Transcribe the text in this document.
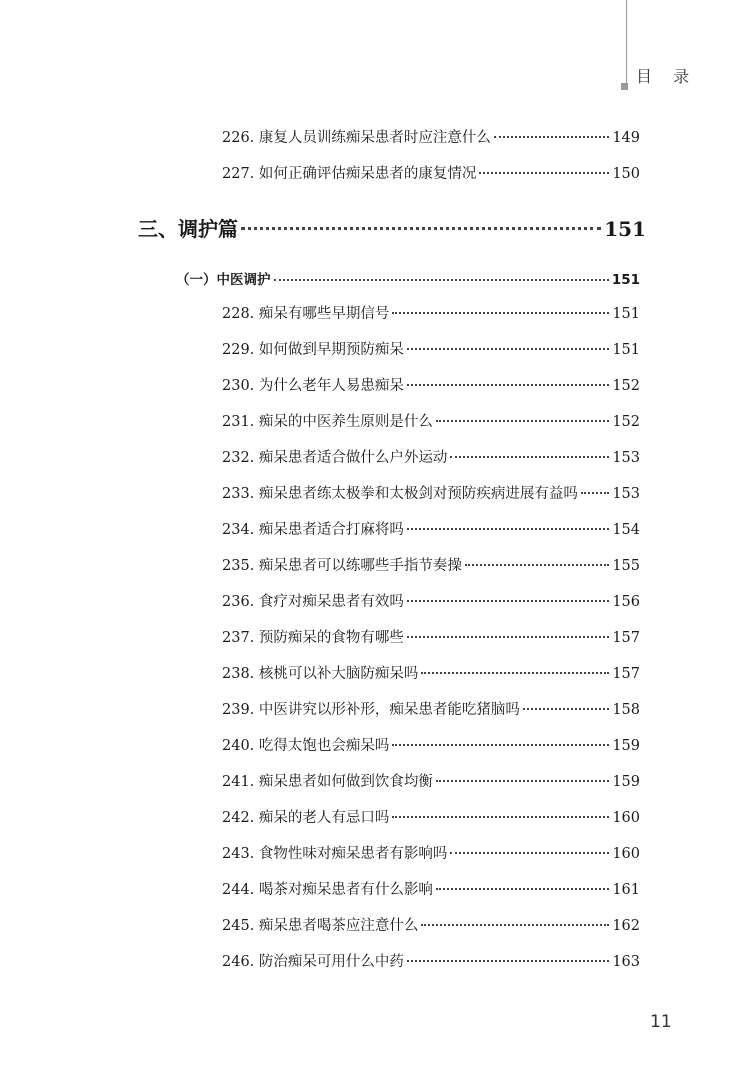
目 录
226. 康复人员训练痴呆患者时应注意什么	149
227. 如何正确评估痴呆患者的康复情况	150
三、调护篇	151
（一）中医调护	151
228. 痴呆有哪些早期信号	151
229. 如何做到早期预防痴呆	151
230. 为什么老年人易患痴呆	152
231. 痴呆的中医养生原则是什么	152
232. 痴呆患者适合做什么户外运动	153
233. 痴呆患者练太极拳和太极剑对预防疾病进展有益吗 153
234. 痴呆患者适合打麻将吗	154
235. 痴呆患者可以练哪些手指节奏操	155
236. 食疗对痴呆患者有效吗	156
237. 预防痴呆的食物有哪些	157
238. 核桃可以补大脑防痴呆吗	157
239. 中医讲究以形补形，痴呆患者能吃猪脑吗	158
240. 吃得太饱也会痴呆吗	159
241. 痴呆患者如何做到饮食均衡	159
242. 痴呆的老人有忌口吗	160
243. 食物性味对痴呆患者有影响吗	160
244. 喝茶对痴呆患者有什么影响	161
245. 痴呆患者喝茶应注意什么	162
246. 防治痴呆可用什么中药	163
11
